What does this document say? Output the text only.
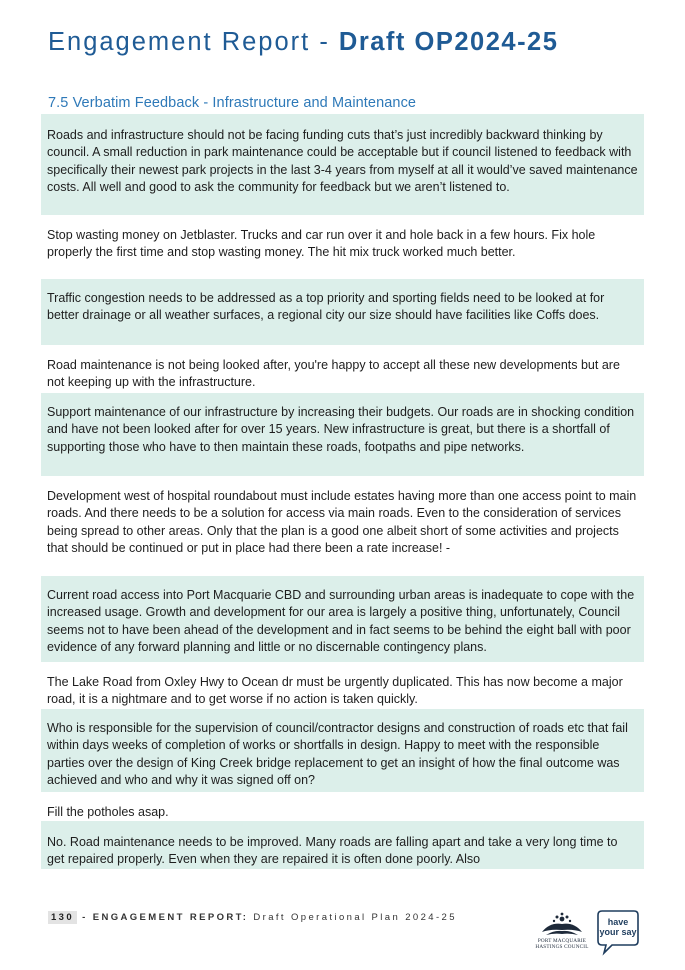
Engagement Report - Draft OP2024-25
7.5 Verbatim Feedback - Infrastructure and Maintenance

Roads and infrastructure should not be facing funding cuts that’s just incredibly backward thinking by council. A small reduction in park maintenance could be acceptable but if council listened to feedback with specifically their newest park projects in the last 3-4 years from myself at all it would’ve saved maintenance costs. All well and good to ask the community for feedback but we aren’t listened to.

Stop wasting money on Jetblaster. Trucks and car run over it and hole back in a few hours. Fix hole properly the first time and stop wasting money. The hit mix truck worked much better.

Traffic congestion needs to be addressed as a top priority and sporting fields need to be looked at for better drainage or all weather surfaces, a regional city our size should have facilities like Coffs does.

Road maintenance is not being looked after, you're happy to accept all these new developments but are not keeping up with the infrastructure.

Support maintenance of our infrastructure by increasing their budgets. Our roads are in shocking condition and have not been looked after for over 15 years. New infrastructure is great, but there is a shortfall of supporting those who have to then maintain these roads, footpaths and pipe networks.

Development west of hospital roundabout must include estates having more than one access point to main roads. And there needs to be a solution for access via main roads. Even to the consideration of services being spread to other areas. Only that the plan is a good one albeit short of some activities and projects that should be continued or put in place had there been a rate increase! -

Current road access into Port Macquarie CBD and surrounding urban areas is inadequate to cope with the increased usage. Growth and development for our area is largely a positive thing, unfortunately, Council seems not to have been ahead of the development and in fact seems to be behind the eight ball with poor evidence of any forward planning and little or no discernable contingency plans.

The Lake Road from Oxley Hwy to Ocean dr must be urgently duplicated. This has now become a major road, it is a nightmare and to get worse if no action is taken quickly.

Who is responsible for the supervision of council/contractor designs and construction of roads etc that fail within days weeks of completion of works or shortfalls in design. Happy to meet with the responsible parties over the design of King Creek bridge replacement to get an insight of how the final outcome was achieved and who and why it was signed off on?

Fill the potholes asap.

No. Road maintenance needs to be improved. Many roads are falling apart and take a very long time to get repaired properly. Even when they are repaired it is often done poorly. Also

130 - ENGAGEMENT REPORT: Draft Operational Plan 2024-25
PORT MACQUARIE
HASTINGS COUNCIL
have
your say
